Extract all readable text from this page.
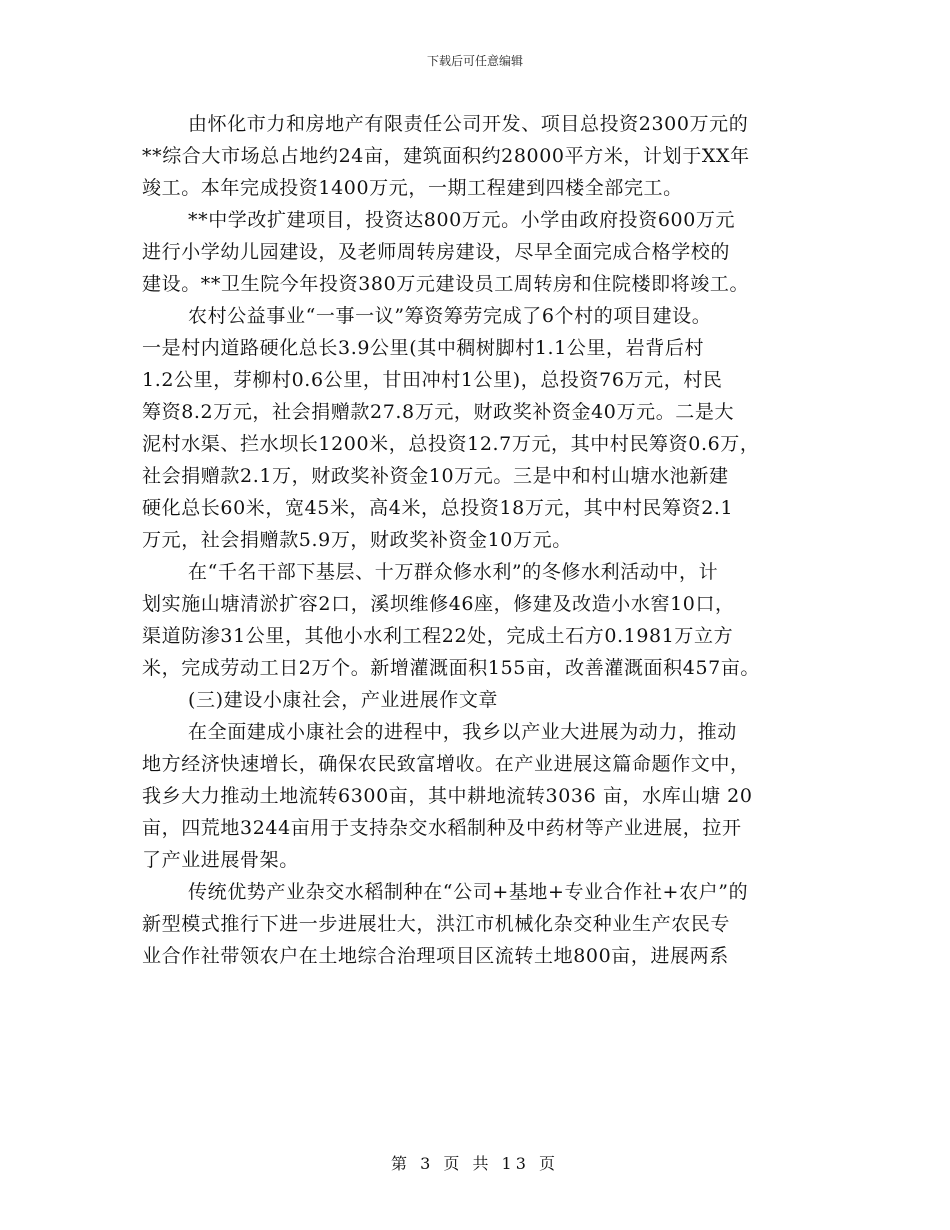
下载后可任意编辑
由怀化市力和房地产有限责任公司开发、项目总投资2300万元的
**综合大市场总占地约24亩，建筑面积约28000平方米，计划于XX年
竣工。本年完成投资1400万元，一期工程建到四楼全部完工。
**中学改扩建项目，投资达800万元。小学由政府投资600万元
进行小学幼儿园建设，及老师周转房建设，尽早全面完成合格学校的
建设。**卫生院今年投资380万元建设员工周转房和住院楼即将竣工。
农村公益事业“一事一议”筹资筹劳完成了6个村的项目建设。
一是村内道路硬化总长3.9公里(其中稠树脚村1.1公里，岩背后村
1.2公里，芽柳村0.6公里，甘田冲村1公里)，总投资76万元，村民
筹资8.2万元，社会捐赠款27.8万元，财政奖补资金40万元。二是大
泥村水渠、拦水坝长1200米，总投资12.7万元，其中村民筹资0.6万，
社会捐赠款2.1万，财政奖补资金10万元。三是中和村山塘水池新建
硬化总长60米，宽45米，高4米，总投资18万元，其中村民筹资2.1
万元，社会捐赠款5.9万，财政奖补资金10万元。
在“千名干部下基层、十万群众修水利”的冬修水利活动中，计
划实施山塘清淤扩容2口，溪坝维修46座，修建及改造小水窖10口，
渠道防渗31公里，其他小水利工程22处，完成土石方0.1981万立方
米，完成劳动工日2万个。新增灌溉面积155亩，改善灌溉面积457亩。
(三)建设小康社会，产业进展作文章
在全面建成小康社会的进程中，我乡以产业大进展为动力，推动
地方经济快速增长，确保农民致富增收。在产业进展这篇命题作文中，
我乡大力推动土地流转6300亩，其中耕地流转3036 亩，水库山塘 20
亩，四荒地3244亩用于支持杂交水稻制种及中药材等产业进展，拉开
了产业进展骨架。
传统优势产业杂交水稻制种在“公司+基地+专业合作社+农户”的
新型模式推行下进一步进展壮大，洪江市机械化杂交种业生产农民专
业合作社带领农户在土地综合治理项目区流转土地800亩，进展两系
第 3 页 共 13 页
